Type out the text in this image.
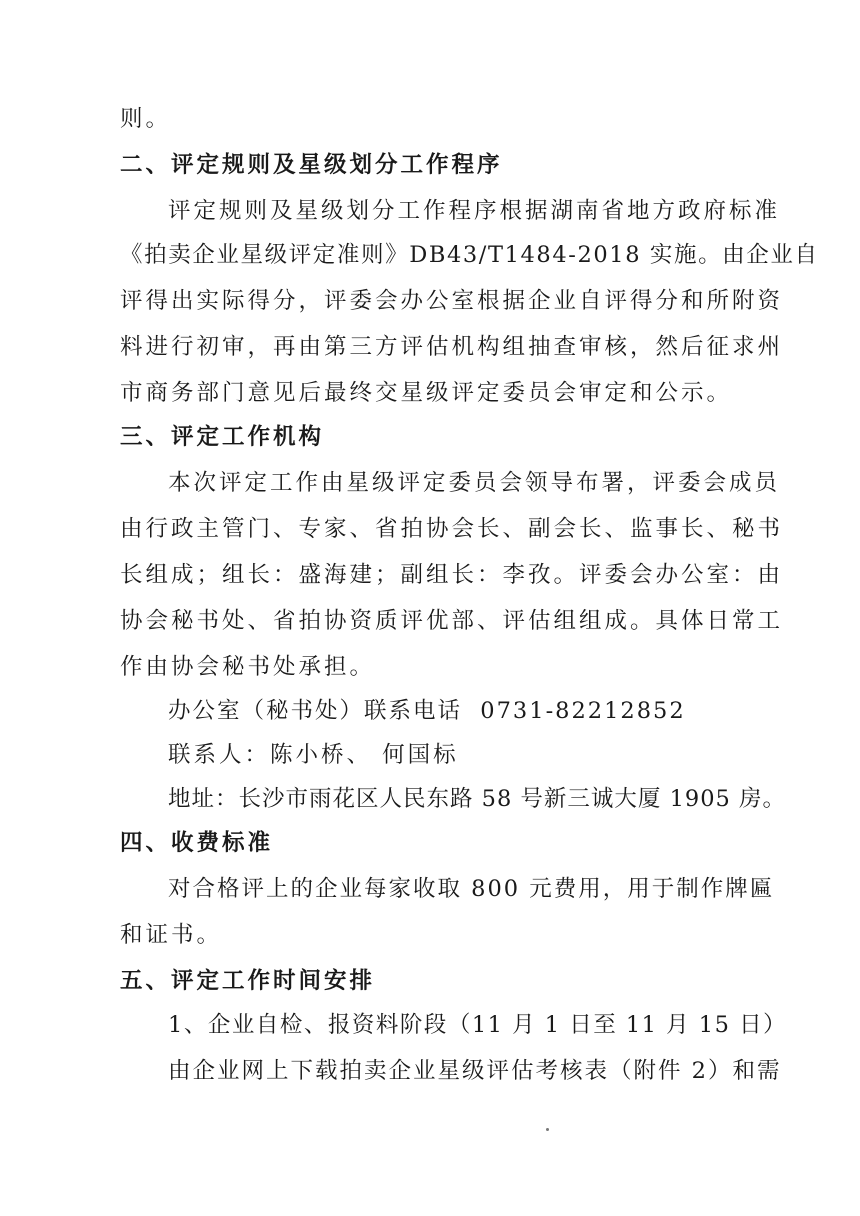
则。
二、评定规则及星级划分工作程序
评定规则及星级划分工作程序根据湖南省地方政府标准
《拍卖企业星级评定准则》DB43/T1484-2018 实施。由企业自
评得出实际得分，评委会办公室根据企业自评得分和所附资
料进行初审，再由第三方评估机构组抽查审核，然后征求州
市商务部门意见后最终交星级评定委员会审定和公示。
三、评定工作机构
本次评定工作由星级评定委员会领导布署，评委会成员
由行政主管门、专家、省拍协会长、副会长、监事长、秘书
长组成；组长：盛海建；副组长：李孜。评委会办公室：由
协会秘书处、省拍协资质评优部、评估组组成。具体日常工
作由协会秘书处承担。
办公室（秘书处）联系电话  0731-82212852
联系人：陈小桥、 何国标
地址：长沙市雨花区人民东路 58 号新三诚大厦 1905 房。
四、收费标准
对合格评上的企业每家收取 800 元费用，用于制作牌匾
和证书。
五、评定工作时间安排
1、企业自检、报资料阶段（11 月 1 日至 11 月 15 日）
由企业网上下载拍卖企业星级评估考核表（附件 2）和需
